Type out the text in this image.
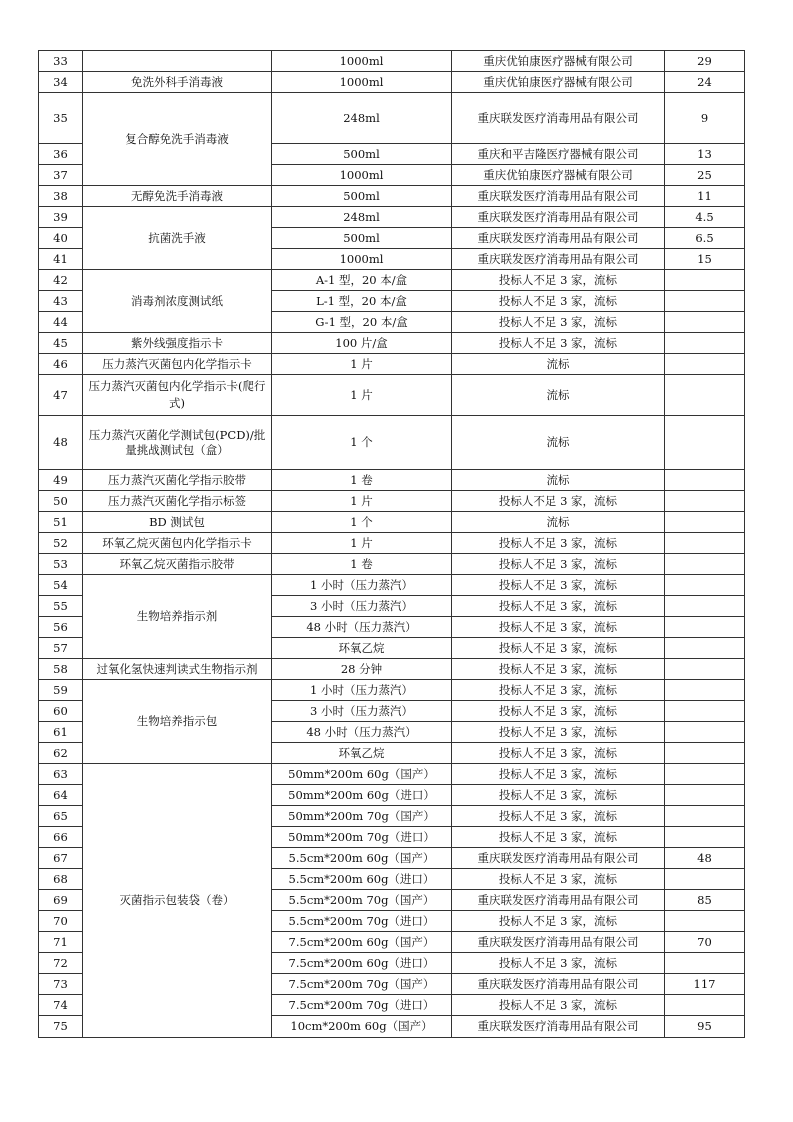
33		1000ml	重庆优铂康医疗器械有限公司	29
34	免洗外科手消毒液	1000ml	重庆优铂康医疗器械有限公司	24
35	复合醇免洗手消毒液	248ml	重庆联发医疗消毒用品有限公司	9
36		500ml	重庆和平吉隆医疗器械有限公司	13
37		1000ml	重庆优铂康医疗器械有限公司	25
38	无醇免洗手消毒液	500ml	重庆联发医疗消毒用品有限公司	11
39	抗菌洗手液	248ml	重庆联发医疗消毒用品有限公司	4.5
40		500ml	重庆联发医疗消毒用品有限公司	6.5
41		1000ml	重庆联发医疗消毒用品有限公司	15
42	消毒剂浓度测试纸	A-1 型，20 本/盒	投标人不足 3 家，流标	
43		L-1 型，20 本/盒	投标人不足 3 家，流标	
44		G-1 型，20 本/盒	投标人不足 3 家，流标	
45	紫外线强度指示卡	100 片/盒	投标人不足 3 家，流标	
46	压力蒸汽灭菌包内化学指示卡	1 片	流标	
47	压力蒸汽灭菌包内化学指示卡(爬行式)	1 片	流标	
48	压力蒸汽灭菌化学测试包(PCD)/批量挑战测试包（盒）	1 个	流标	
49	压力蒸汽灭菌化学指示胶带	1 卷	流标	
50	压力蒸汽灭菌化学指示标签	1 片	投标人不足 3 家，流标	
51	BD 测试包	1 个	流标	
52	环氧乙烷灭菌包内化学指示卡	1 片	投标人不足 3 家，流标	
53	环氧乙烷灭菌指示胶带	1 卷	投标人不足 3 家，流标	
54	生物培养指示剂	1 小时（压力蒸汽）	投标人不足 3 家，流标	
55		3 小时（压力蒸汽）	投标人不足 3 家，流标	
56		48 小时（压力蒸汽）	投标人不足 3 家，流标	
57		环氧乙烷	投标人不足 3 家，流标	
58	过氧化氢快速判读式生物指示剂	28 分钟	投标人不足 3 家，流标	
59	生物培养指示包	1 小时（压力蒸汽）	投标人不足 3 家，流标	
60		3 小时（压力蒸汽）	投标人不足 3 家，流标	
61		48 小时（压力蒸汽）	投标人不足 3 家，流标	
62		环氧乙烷	投标人不足 3 家，流标	
63	灭菌指示包装袋（卷）	50mm*200m 60g（国产）	投标人不足 3 家，流标	
64		50mm*200m 60g（进口）	投标人不足 3 家，流标	
65		50mm*200m 70g（国产）	投标人不足 3 家，流标	
66		50mm*200m 70g（进口）	投标人不足 3 家，流标	
67		5.5cm*200m 60g（国产）	重庆联发医疗消毒用品有限公司	48
68		5.5cm*200m 60g（进口）	投标人不足 3 家，流标	
69		5.5cm*200m 70g（国产）	重庆联发医疗消毒用品有限公司	85
70		5.5cm*200m 70g（进口）	投标人不足 3 家，流标	
71		7.5cm*200m 60g（国产）	重庆联发医疗消毒用品有限公司	70
72		7.5cm*200m 60g（进口）	投标人不足 3 家，流标	
73		7.5cm*200m 70g（国产）	重庆联发医疗消毒用品有限公司	117
74		7.5cm*200m 70g（进口）	投标人不足 3 家，流标	
75		10cm*200m 60g（国产）	重庆联发医疗消毒用品有限公司	95
